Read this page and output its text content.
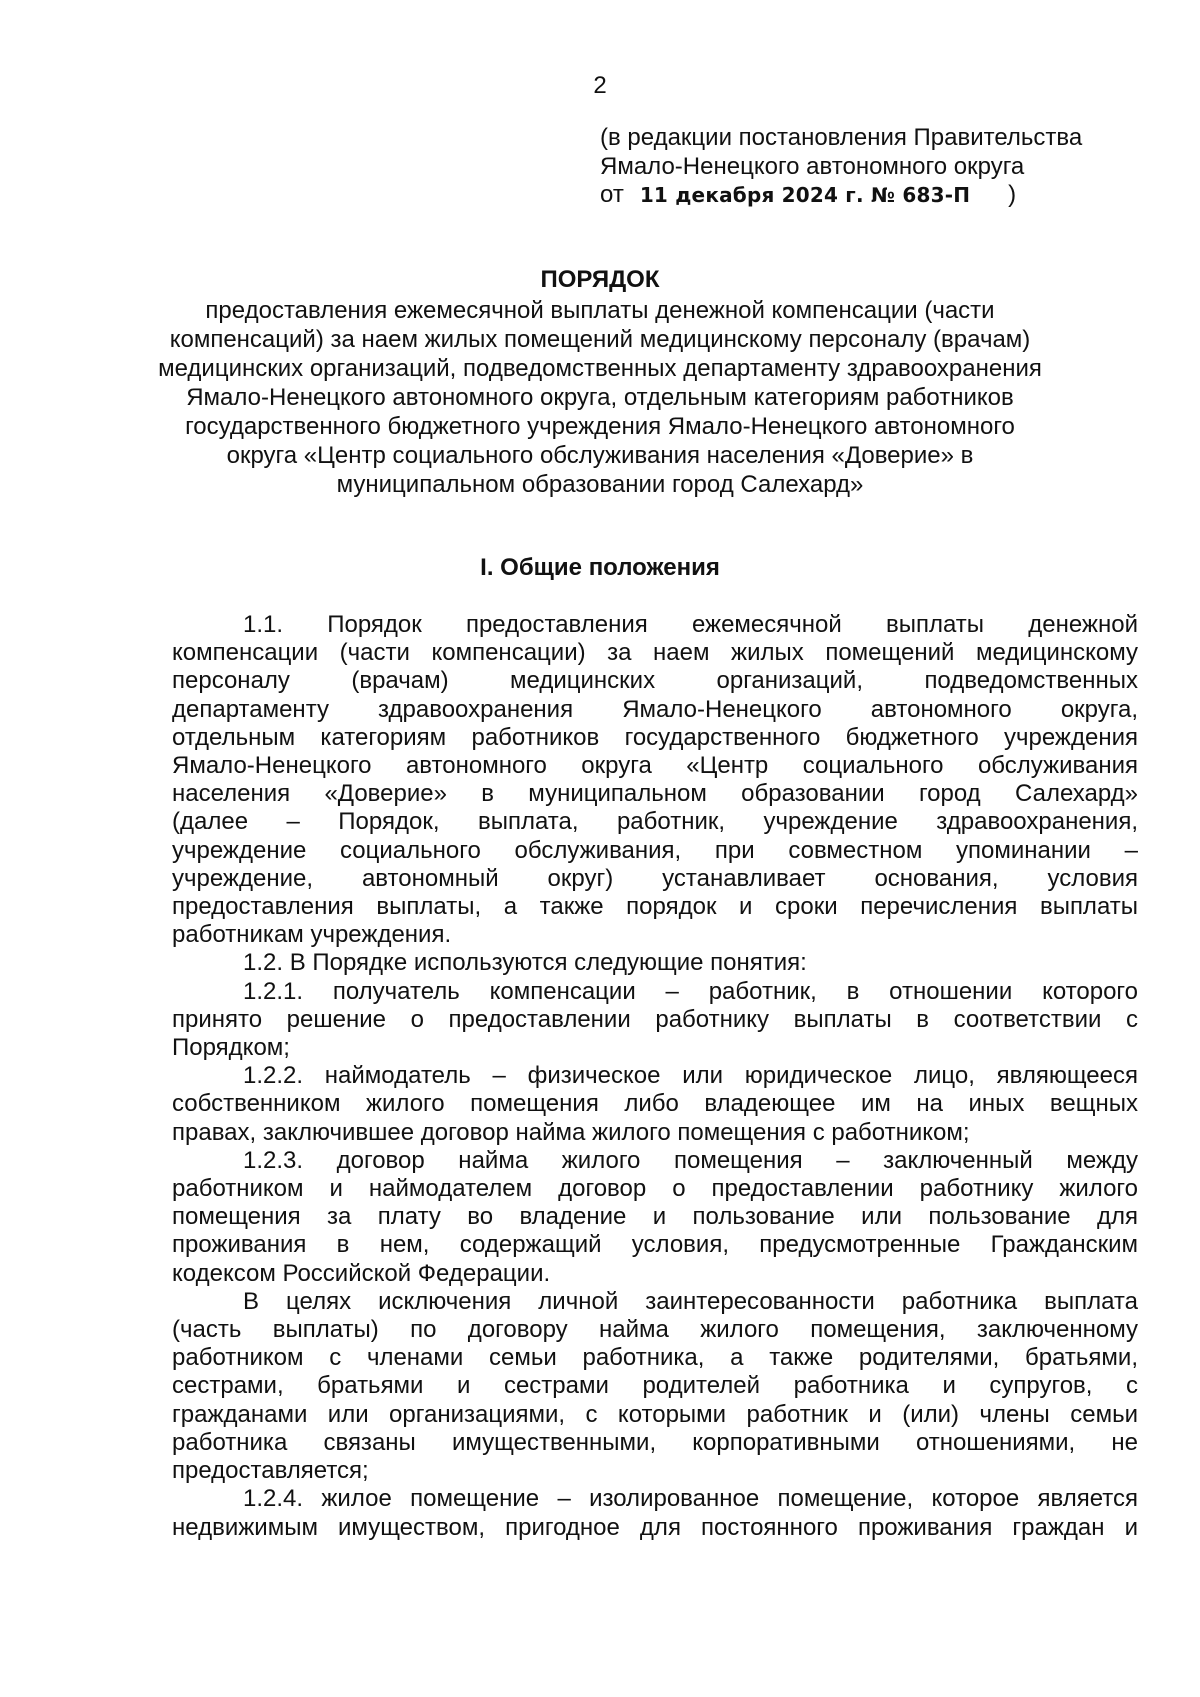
2
(в редакции постановления Правительства
Ямало-Ненецкого автономного округа
от 11 декабря 2024 г. № 683-П )
ПОРЯДОК
предоставления ежемесячной выплаты денежной компенсации (части
компенсаций) за наем жилых помещений медицинскому персоналу (врачам)
медицинских организаций, подведомственных департаменту здравоохранения
Ямало-Ненецкого автономного округа, отдельным категориям работников
государственного бюджетного учреждения Ямало-Ненецкого автономного
округа «Центр социального обслуживания населения «Доверие» в
муниципальном образовании город Салехард»
I. Общие положения

1.1. Порядок предоставления ежемесячной выплаты денежной
компенсации (части компенсации) за наем жилых помещений медицинскому
персоналу (врачам) медицинских организаций, подведомственных
департаменту здравоохранения Ямало-Ненецкого автономного округа,
отдельным категориям работников государственного бюджетного учреждения
Ямало-Ненецкого автономного округа «Центр социального обслуживания
населения «Доверие» в муниципальном образовании город Салехард»
(далее – Порядок, выплата, работник, учреждение здравоохранения,
учреждение социального обслуживания, при совместном упоминании –
учреждение, автономный округ) устанавливает основания, условия
предоставления выплаты, а также порядок и сроки перечисления выплаты
работникам учреждения.

1.2. В Порядке используются следующие понятия:

1.2.1. получатель компенсации – работник, в отношении которого
принято решение о предоставлении работнику выплаты в соответствии с
Порядком;

1.2.2. наймодатель – физическое или юридическое лицо, являющееся
собственником жилого помещения либо владеющее им на иных вещных
правах, заключившее договор найма жилого помещения с работником;

1.2.3. договор найма жилого помещения – заключенный между
работником и наймодателем договор о предоставлении работнику жилого
помещения за плату во владение и пользование или пользование для
проживания в нем, содержащий условия, предусмотренные Гражданским
кодексом Российской Федерации.

В целях исключения личной заинтересованности работника выплата
(часть выплаты) по договору найма жилого помещения, заключенному
работником с членами семьи работника, а также родителями, братьями,
сестрами, братьями и сестрами родителей работника и супругов, с
гражданами или организациями, с которыми работник и (или) члены семьи
работника связаны имущественными, корпоративными отношениями, не
предоставляется;

1.2.4. жилое помещение – изолированное помещение, которое является
недвижимым имуществом, пригодное для постоянного проживания граждан и
